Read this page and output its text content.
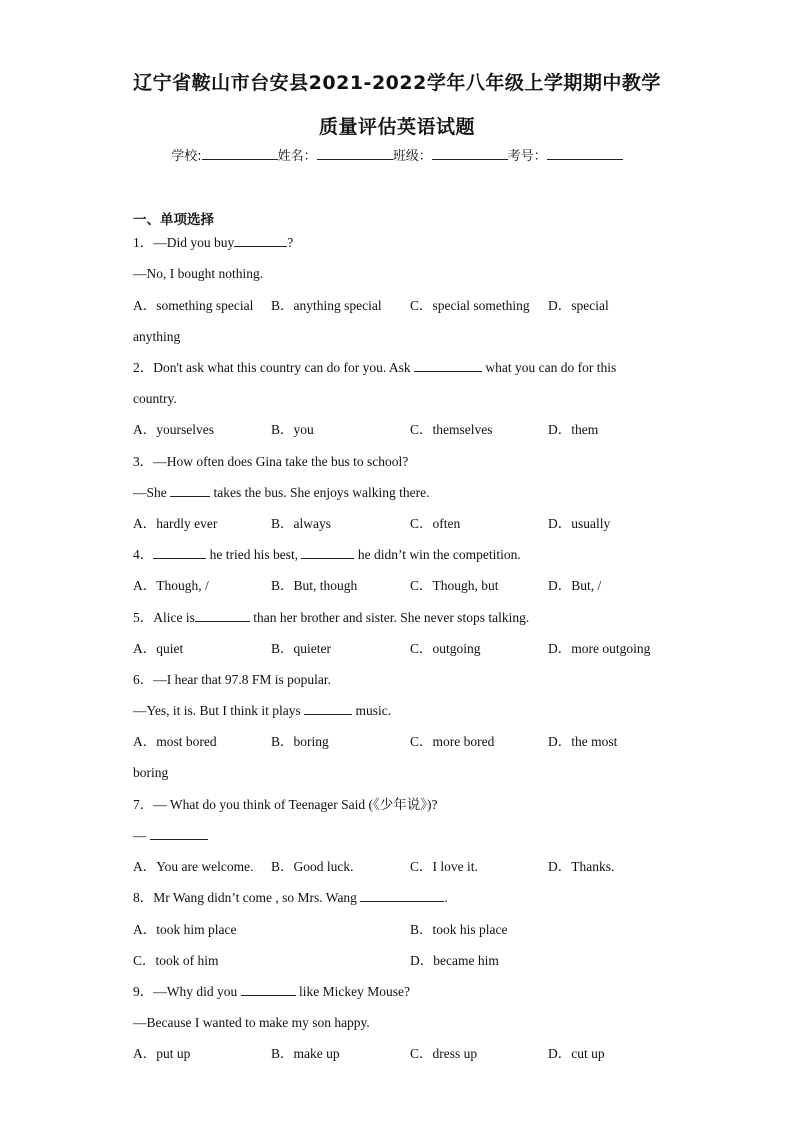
辽宁省鞍山市台安县2021-2022学年八年级上学期期中教学
质量评估英语试题
学校:	姓名：	班级：	考号：
一、单项选择
1．—Did you buy	?
—No, I bought nothing.
A．something special B．anything special C．special something D．special
anything
2．Don't ask what this country can do for you. Ask	what you can do for this
country.
A．yourselves	B．you	C．themselves	D．them
3．—How often does Gina take the bus to school?
—She	takes the bus. She enjoys walking there.
A．hardly ever	B．always	C．often	D．usually
4．	he tried his best,	he didn’t win the competition.
A．Though, /	B．But, though	C．Though, but	D．But, /
5．Alice is	than her brother and sister. She never stops talking.
A．quiet	B．quieter	C．outgoing	D．more outgoing
6．—I hear that 97.8 FM is popular.
—Yes, it is. But I think it plays	music.
A．most bored	B．boring	C．more bored	D．the most
boring
7．— What do you think of Teenager Said (《少年说》)?
—
A．You are welcome. B．Good luck.	C．I love it.	D．Thanks.
8．Mr Wang didn’t come , so Mrs. Wang	.
A．took him place	B．took his place
C．took of him	D．became him
9．—Why did you	like Mickey Mouse?
—Because I wanted to make my son happy.
A．put up	B．make up	C．dress up	D．cut up
